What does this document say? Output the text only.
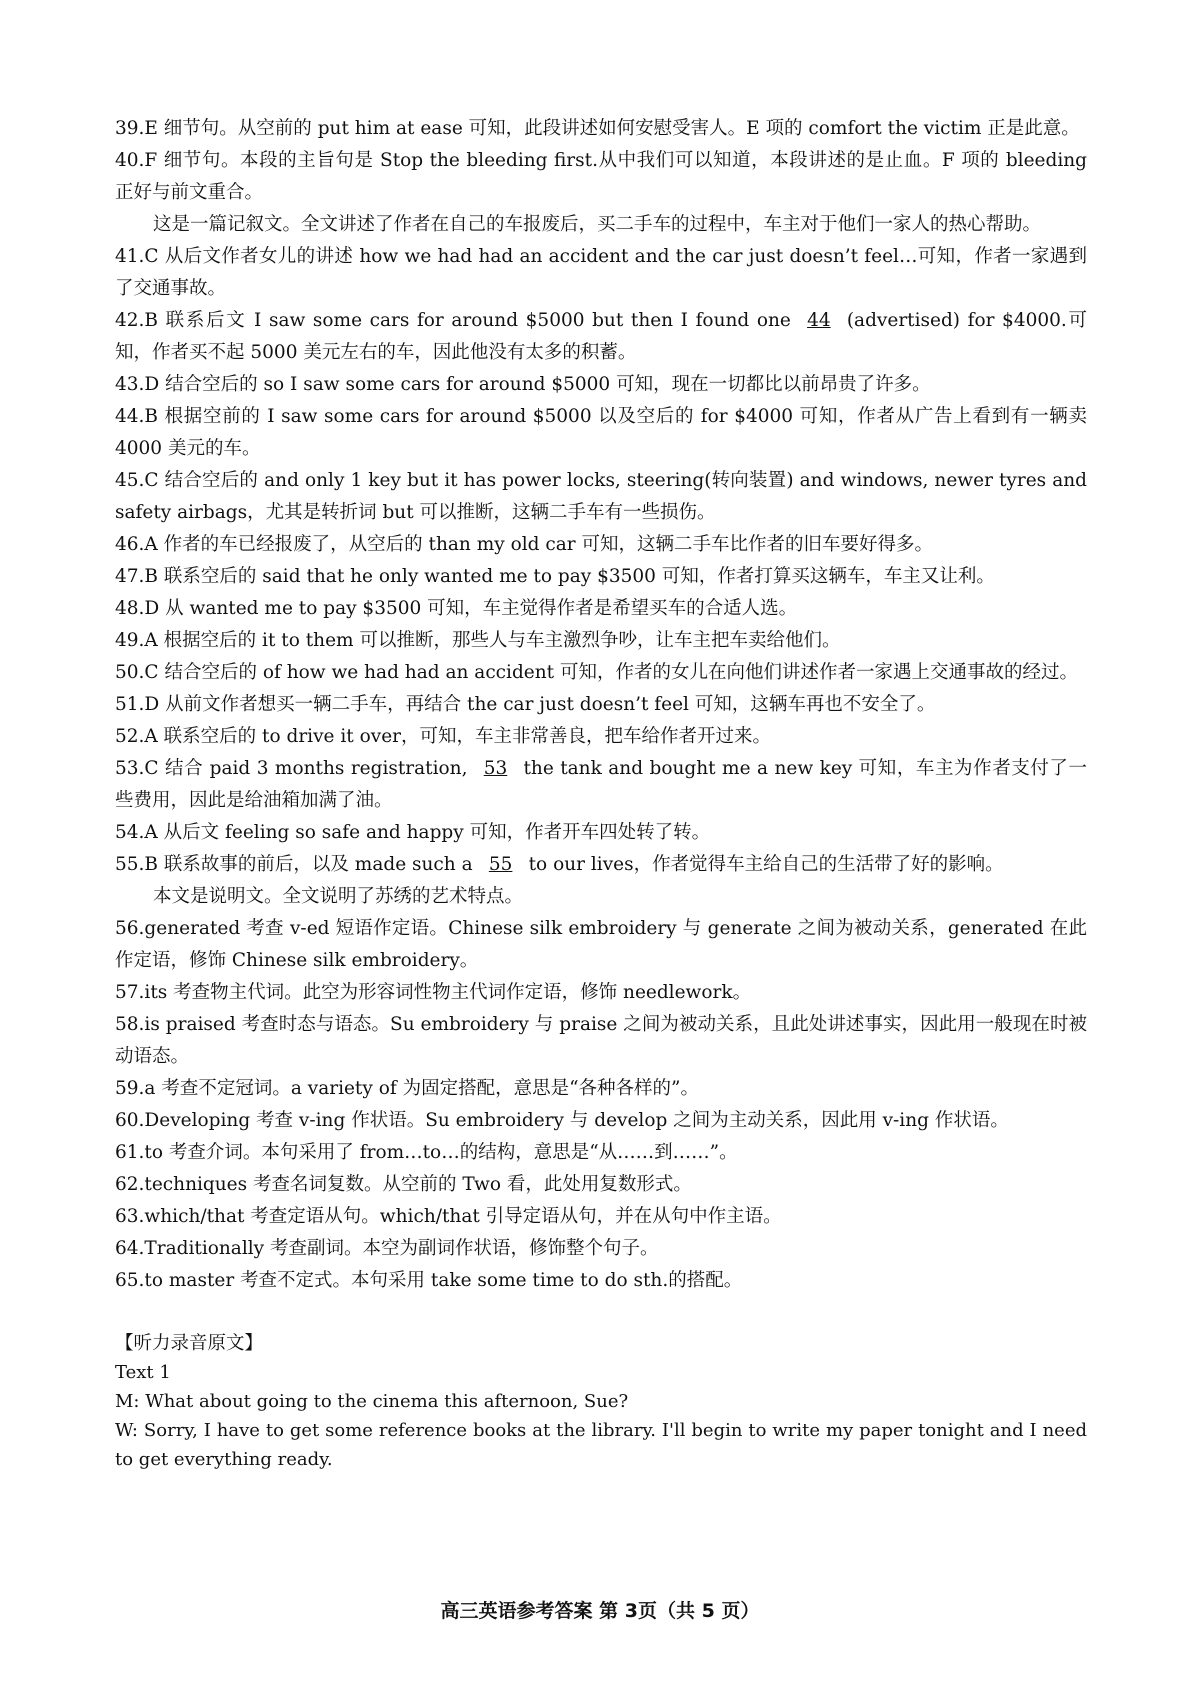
39.E 细节句。从空前的 put him at ease 可知，此段讲述如何安慰受害人。E 项的 comfort the victim 正是此意。

40.F 细节句。本段的主旨句是 Stop the bleeding first.从中我们可以知道，本段讲述的是止血。F 项的 bleeding 正好与前文重合。

这是一篇记叙文。全文讲述了作者在自己的车报废后，买二手车的过程中，车主对于他们一家人的热心帮助。

41.C 从后文作者女儿的讲述 how we had had an accident and the car just doesn’t feel…可知，作者一家遇到了交通事故。

42.B 联系后文 I saw some cars for around $5000 but then I found one 44 (advertised) for $4000.可知，作者买不起 5000 美元左右的车，因此他没有太多的积蓄。

43.D 结合空后的 so I saw some cars for around $5000 可知，现在一切都比以前昂贵了许多。

44.B 根据空前的 I saw some cars for around $5000 以及空后的 for $4000 可知，作者从广告上看到有一辆卖 4000 美元的车。

45.C 结合空后的 and only 1 key but it has power locks, steering(转向装置) and windows, newer tyres and safety airbags，尤其是转折词 but 可以推断，这辆二手车有一些损伤。

46.A 作者的车已经报废了，从空后的 than my old car 可知，这辆二手车比作者的旧车要好得多。

47.B 联系空后的 said that he only wanted me to pay $3500 可知，作者打算买这辆车，车主又让利。

48.D 从 wanted me to pay $3500 可知，车主觉得作者是希望买车的合适人选。

49.A 根据空后的 it to them 可以推断，那些人与车主激烈争吵，让车主把车卖给他们。

50.C 结合空后的 of how we had had an accident 可知，作者的女儿在向他们讲述作者一家遇上交通事故的经过。

51.D 从前文作者想买一辆二手车，再结合 the car just doesn’t feel 可知，这辆车再也不安全了。

52.A 联系空后的 to drive it over，可知，车主非常善良，把车给作者开过来。

53.C 结合 paid 3 months registration, 53 the tank and bought me a new key 可知，车主为作者支付了一些费用，因此是给油箱加满了油。

54.A 从后文 feeling so safe and happy 可知，作者开车四处转了转。

55.B 联系故事的前后，以及 made such a 55 to our lives，作者觉得车主给自己的生活带了好的影响。

本文是说明文。全文说明了苏绣的艺术特点。

56.generated 考查 v-ed 短语作定语。Chinese silk embroidery 与 generate 之间为被动关系，generated 在此作定语，修饰 Chinese silk embroidery。

57.its 考查物主代词。此空为形容词性物主代词作定语，修饰 needlework。

58.is praised 考查时态与语态。Su embroidery 与 praise 之间为被动关系，且此处讲述事实，因此用一般现在时被动语态。

59.a 考查不定冠词。a variety of 为固定搭配，意思是“各种各样的”。

60.Developing 考查 v-ing 作状语。Su embroidery 与 develop 之间为主动关系，因此用 v-ing 作状语。

61.to 考查介词。本句采用了 from…to…的结构，意思是“从……到……”。

62.techniques 考查名词复数。从空前的 Two 看，此处用复数形式。

63.which/that 考查定语从句。which/that 引导定语从句，并在从句中作主语。

64.Traditionally 考查副词。本空为副词作状语，修饰整个句子。

65.to master 考查不定式。本句采用 take some time to do sth.的搭配。

【听力录音原文】

Text 1

M: What about going to the cinema this afternoon, Sue?

W: Sorry, I have to get some reference books at the library. I'll begin to write my paper tonight and I need to get everything ready.

高三英语参考答案 第 3页（共 5 页）
